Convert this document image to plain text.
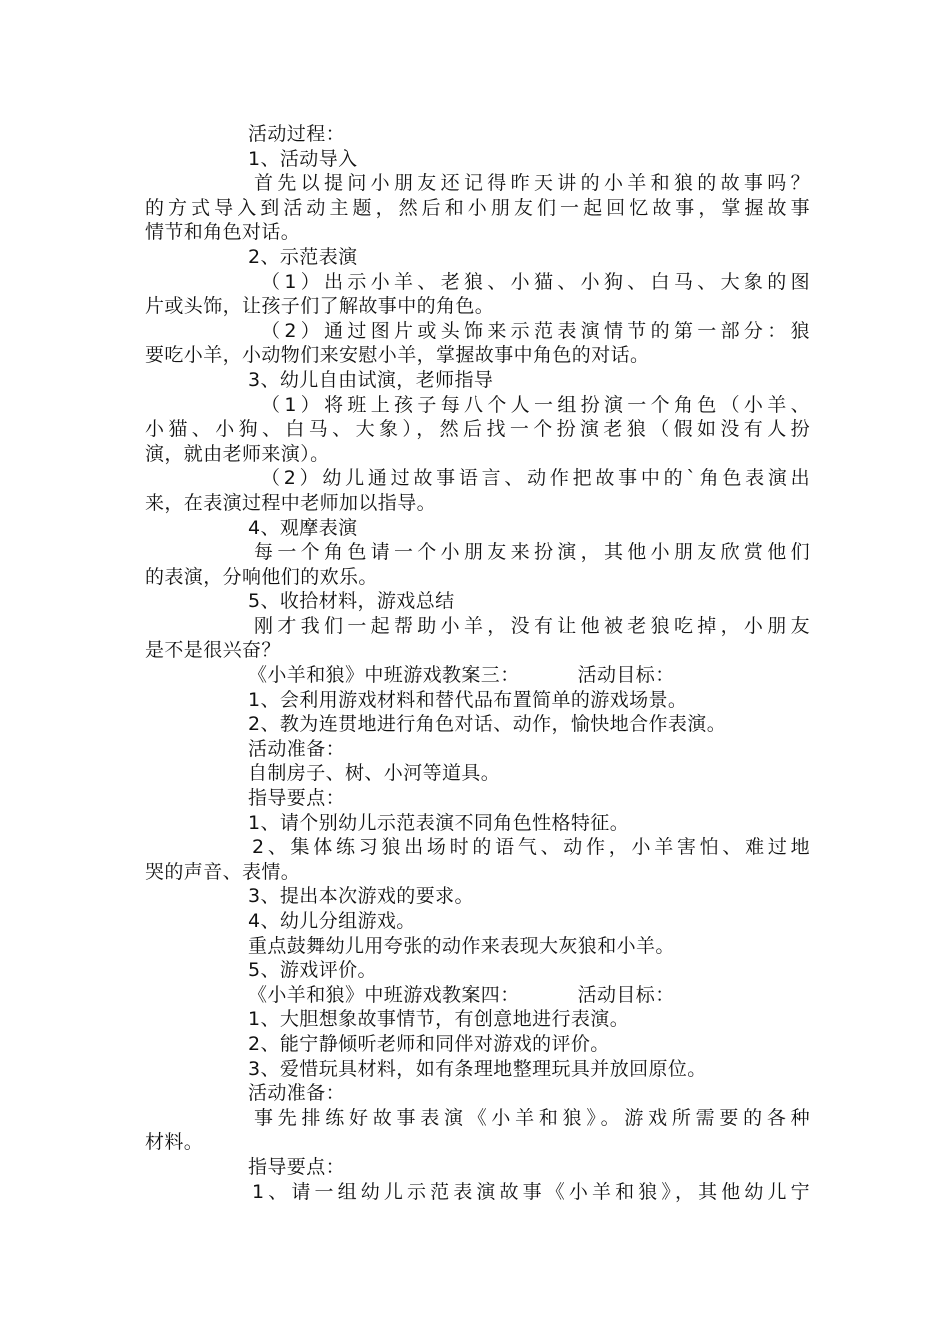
活动过程：
1、活动导入
首先以提问小朋友还记得昨天讲的小羊和狼的故事吗？
的方式导入到活动主题，然后和小朋友们一起回忆故事，掌握故事
情节和角色对话。
2、示范表演
（1）出示小羊、老狼、小猫、小狗、白马、大象的图
片或头饰，让孩子们了解故事中的角色。
（2）通过图片或头饰来示范表演情节的第一部分：狼
要吃小羊，小动物们来安慰小羊，掌握故事中角色的对话。
3、幼儿自由试演，老师指导
（1）将班上孩子每八个人一组扮演一个角色（小羊、
小猫、小狗、白马、大象），然后找一个扮演老狼（假如没有人扮
演，就由老师来演）。
（2）幼儿通过故事语言、动作把故事中的`角色表演出
来，在表演过程中老师加以指导。
4、观摩表演
每一个角色请一个小朋友来扮演，其他小朋友欣赏他们
的表演，分响他们的欢乐。
5、收拾材料，游戏总结
刚才我们一起帮助小羊，没有让他被老狼吃掉，小朋友
是不是很兴奋？
《小羊和狼》中班游戏教案三：	活动目标：
1、会利用游戏材料和替代品布置简单的游戏场景。
2、教为连贯地进行角色对话、动作，愉快地合作表演。
活动准备：
自制房子、树、小河等道具。
指导要点：
1、请个别幼儿示范表演不同角色性格特征。
2、集体练习狼出场时的语气、动作，小羊害怕、难过地
哭的声音、表情。
3、提出本次游戏的要求。
4、幼儿分组游戏。
重点鼓舞幼儿用夸张的动作来表现大灰狼和小羊。
5、游戏评价。
《小羊和狼》中班游戏教案四：	活动目标：
1、大胆想象故事情节，有创意地进行表演。
2、能宁静倾听老师和同伴对游戏的评价。
3、爱惜玩具材料，如有条理地整理玩具并放回原位。
活动准备：
事先排练好故事表演《小羊和狼》。游戏所需要的各种
材料。
指导要点：
1、请一组幼儿示范表演故事《小羊和狼》，其他幼儿宁
